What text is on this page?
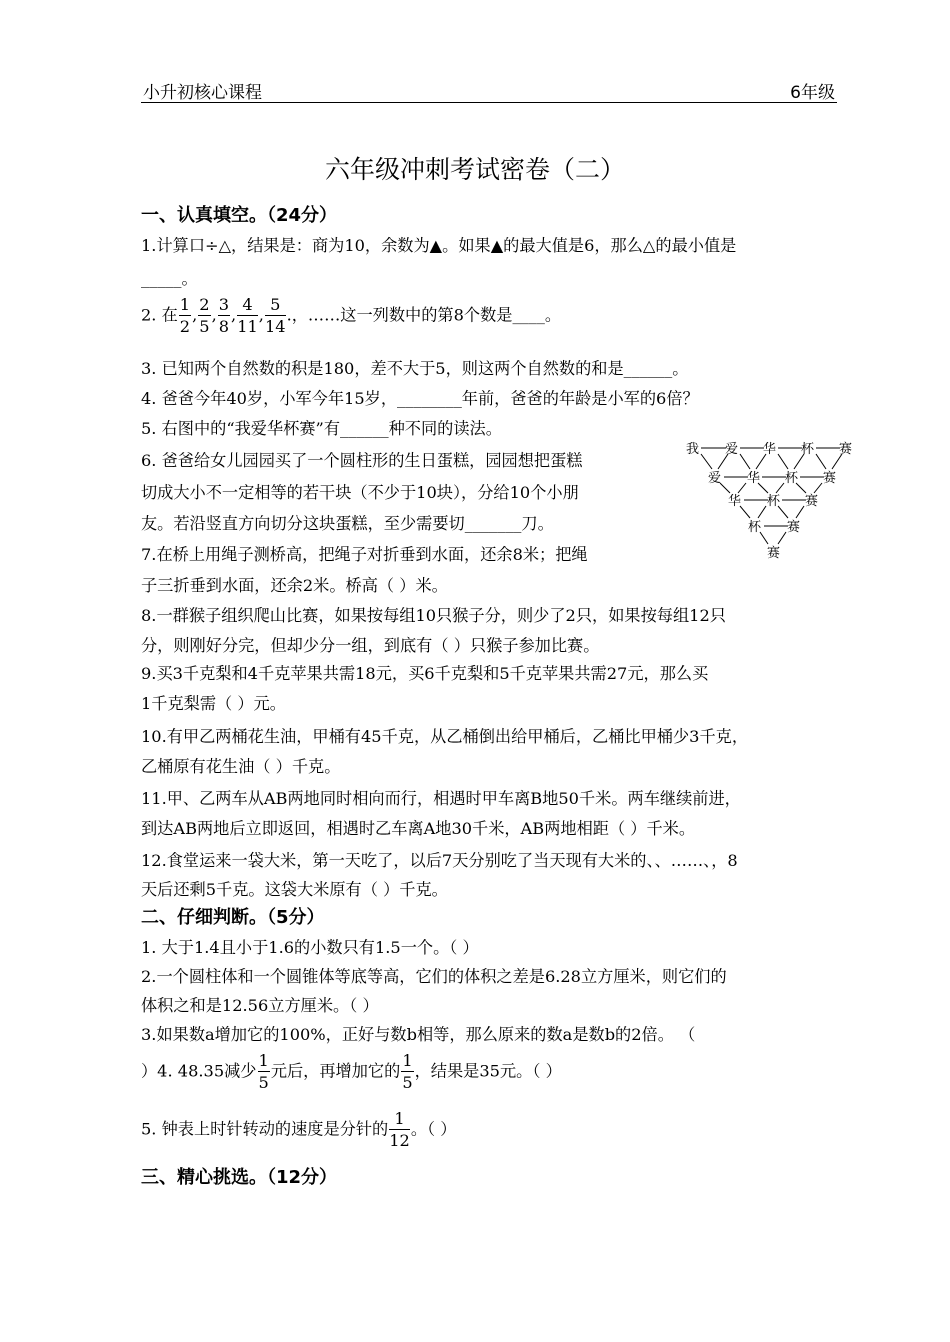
小升初核心课程	6年级
六年级冲刺考试密卷（二）
一、认真填空。（24分）
1.计算口÷△，结果是：商为10，余数为▲。如果▲的最大值是6，那么△的最小值是
_____。
2. 在 $\frac{1}{2}$ , $\frac{2}{5}$ , $\frac{3}{8}$ , $\frac{4}{11}$ , $\frac{5}{14}$ .，……这一列数中的第8个数是____。
3. 已知两个自然数的积是180，差不大于5，则这两个自然数的和是______。
4. 爸爸今年40岁，小军今年15岁，________年前，爸爸的年龄是小军的6倍？
5. 右图中的“我爱华杯赛”有______种不同的读法。
6. 爸爸给女儿园园买了一个圆柱形的生日蛋糕，园园想把蛋糕
切成大小不一定相等的若干块（不少于10块），分给10个小朋
友。若沿竖直方向切分这块蛋糕，至少需要切_______刀。
7.在桥上用绳子测桥高，把绳子对折垂到水面，还余8米；把绳
子三折垂到水面，还余2米。桥高（ ）米。
我 爱 华 杯 赛
爱 华 杯 赛
华 杯 赛
杯 赛
赛
8.一群猴子组织爬山比赛，如果按每组10只猴子分，则少了2只，如果按每组12只
分，则刚好分完，但却少分一组，到底有（ ）只猴子参加比赛。
9.买3千克梨和4千克苹果共需18元，买6千克梨和5千克苹果共需27元，那么买
1千克梨需（ ）元。
10.有甲乙两桶花生油，甲桶有45千克，从乙桶倒出给甲桶后，乙桶比甲桶少3千克，
乙桶原有花生油（ ）千克。
11.甲、乙两车从AB两地同时相向而行，相遇时甲车离B地50千米。两车继续前进，
到达AB两地后立即返回，相遇时乙车离A地30千米，AB两地相距（ ）千米。
12.食堂运来一袋大米，第一天吃了，以后7天分别吃了当天现有大米的、、……、，8
天后还剩5千克。这袋大米原有（ ）千克。
二、仔细判断。（5分）
1. 大于1.4且小于1.6的小数只有1.5一个。（ ）
2.一个圆柱体和一个圆锥体等底等高，它们的体积之差是6.28立方厘米，则它们的
体积之和是12.56立方厘米。（ ）
3.如果数a增加它的100%，正好与数b相等，那么原来的数a是数b的2倍。 （
）4. 48.35减少 $\frac{1}{5}$ 元后，再增加它的 $\frac{1}{5}$ ，结果是35元。（ ）
5. 钟表上时针转动的速度是分针的 $\frac{1}{12}$ 。（ ）
三、精心挑选。（12分）
